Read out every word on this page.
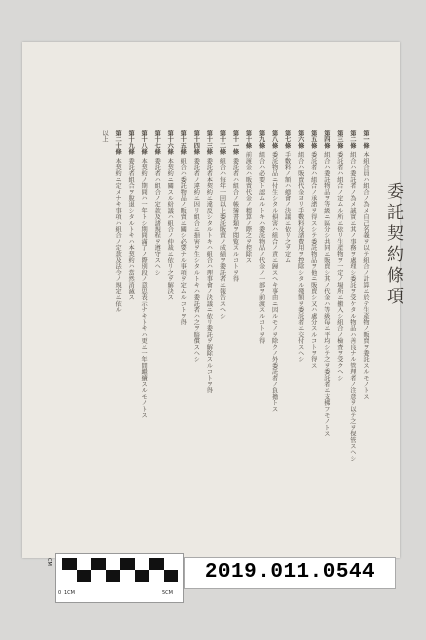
委託契約條項
第一條本組合員ハ組合ノ為メ自己名義ヲ以テ組合ノ計算ニ於テ生產物ノ販賣ヲ委託スルモノトス
第二條組合ハ委託者ノ為メ誠實ニ其ノ事務ヲ處理シ委託ヲ受ケタル物品ハ善良ナル管理者ノ注意ヲ以テ之ヲ保管スヘシ
第三條委託者ハ組合ノ定ムル所ニ依リ生產物ヲ一定ノ場所ニ搬入シ組合ノ檢査ヲ受クヘシ
第四條組合ハ委託物品ヲ等級ニ區分シ共同ニ販賣シ其ノ代金ハ等級毎ニ平均シテ之ヲ委託者ニ支拂フモノトス
第五條委託者ハ組合ノ承諾ヲ得スシテ委託物品ヲ他ニ販賣シ又ハ處分スルコトヲ得ス
第六條組合ハ販賣代金ヨリ手數料及諸費用ヲ控除シタル殘額ヲ委託者ニ交付スヘシ
第七條手數料ノ額ハ總會ノ決議ニ依リ之ヲ定ム
第八條委託物品ニ付生シタル損害ハ組合ノ責ニ歸スヘキ事由ニ因ルモノヲ除クノ外委託者ノ負擔トス
第九條組合ハ必要ト認ムルトキハ委託物品ノ代金ノ一部ヲ前渡スルコトヲ得
第十條前渡金ハ販賣代金ノ精算ノ際之ヲ控除ス
第十一條委託者ハ組合ノ帳簿書類ヲ閲覧スルコトヲ得
第十二條組合ハ每年一回以上委託販賣ノ成績ヲ委託者ニ報告スヘシ
第十三條委託者本契約ニ違反シタルトキハ組合ハ理事會ノ決議ニ依リ委託ヲ解除スルコトヲ得
第十四條委託者ノ違約ニ因リ組合ニ損害ヲ生シタルトキハ委託者ハ之ヲ賠償スヘシ
第十五條組合ハ委託物品ノ販賣ニ關シ必要ナル事項ヲ定ムルコトヲ得
第十六條本契約ニ關スル紛議ハ組合ノ仲裁ニ依リ之ヲ解決ス
第十七條委託者ハ組合ノ定款及諸規程ヲ遵守スヘシ
第十八條本契約ノ期間ハ一年トシ期間滿了ノ際別段ノ意思表示ナキトキハ更ニ一年間繼續スルモノトス
第十九條委託者組合ヲ脫退シタルトキハ本契約ハ當然消滅ス
第二十條本契約ニ定メナキ事項ハ組合ノ定款及法令ノ規定ニ依ル
以上
CM
0 1CM	5CM
2019.011.0544
